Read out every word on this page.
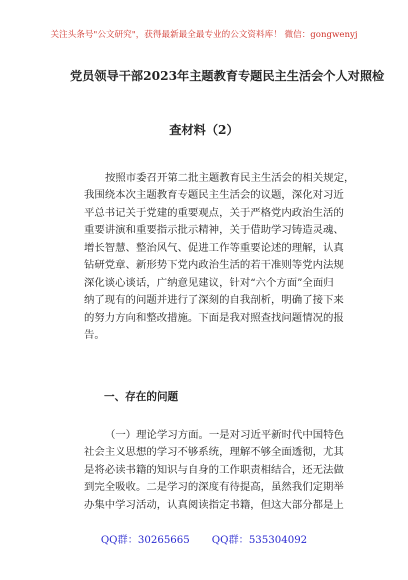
关注头条号"公文研究"，获得最新最全最专业的公文资料库！ 微信：gongwenyj
党员领导干部2023年主题教育专题民主生活会个人对照检
查材料（2）
按照市委召开第二批主题教育民主生活会的相关规定，
我围绕本次主题教育专题民主生活会的议题，深化对习近
平总书记关于党建的重要观点，关于严格党内政治生活的
重要讲演和重要指示批示精神，关于借助学习铸造灵魂、
增长智慧、整治风气、促进工作等重要论述的理解，认真
钻研党章、新形势下党内政治生活的若干准则等党内法规
深化谈心谈话，广纳意见建议，针对“六个方面”全面归
纳了现有的问题并进行了深刻的自我剖析，明确了接下来
的努力方向和整改措施。下面是我对照查找问题情况的报
告。
一、存在的问题
（一）理论学习方面。一是对习近平新时代中国特色
社会主义思想的学习不够系统，理解不够全面透彻，尤其
是将必读书籍的知识与自身的工作职责相结合，还无法做
到完全吸收。二是学习的深度有待提高，虽然我们定期举
办集中学习活动，认真阅读指定书籍，但这大部分都是上
QQ群：30265665 QQ群：535304092
